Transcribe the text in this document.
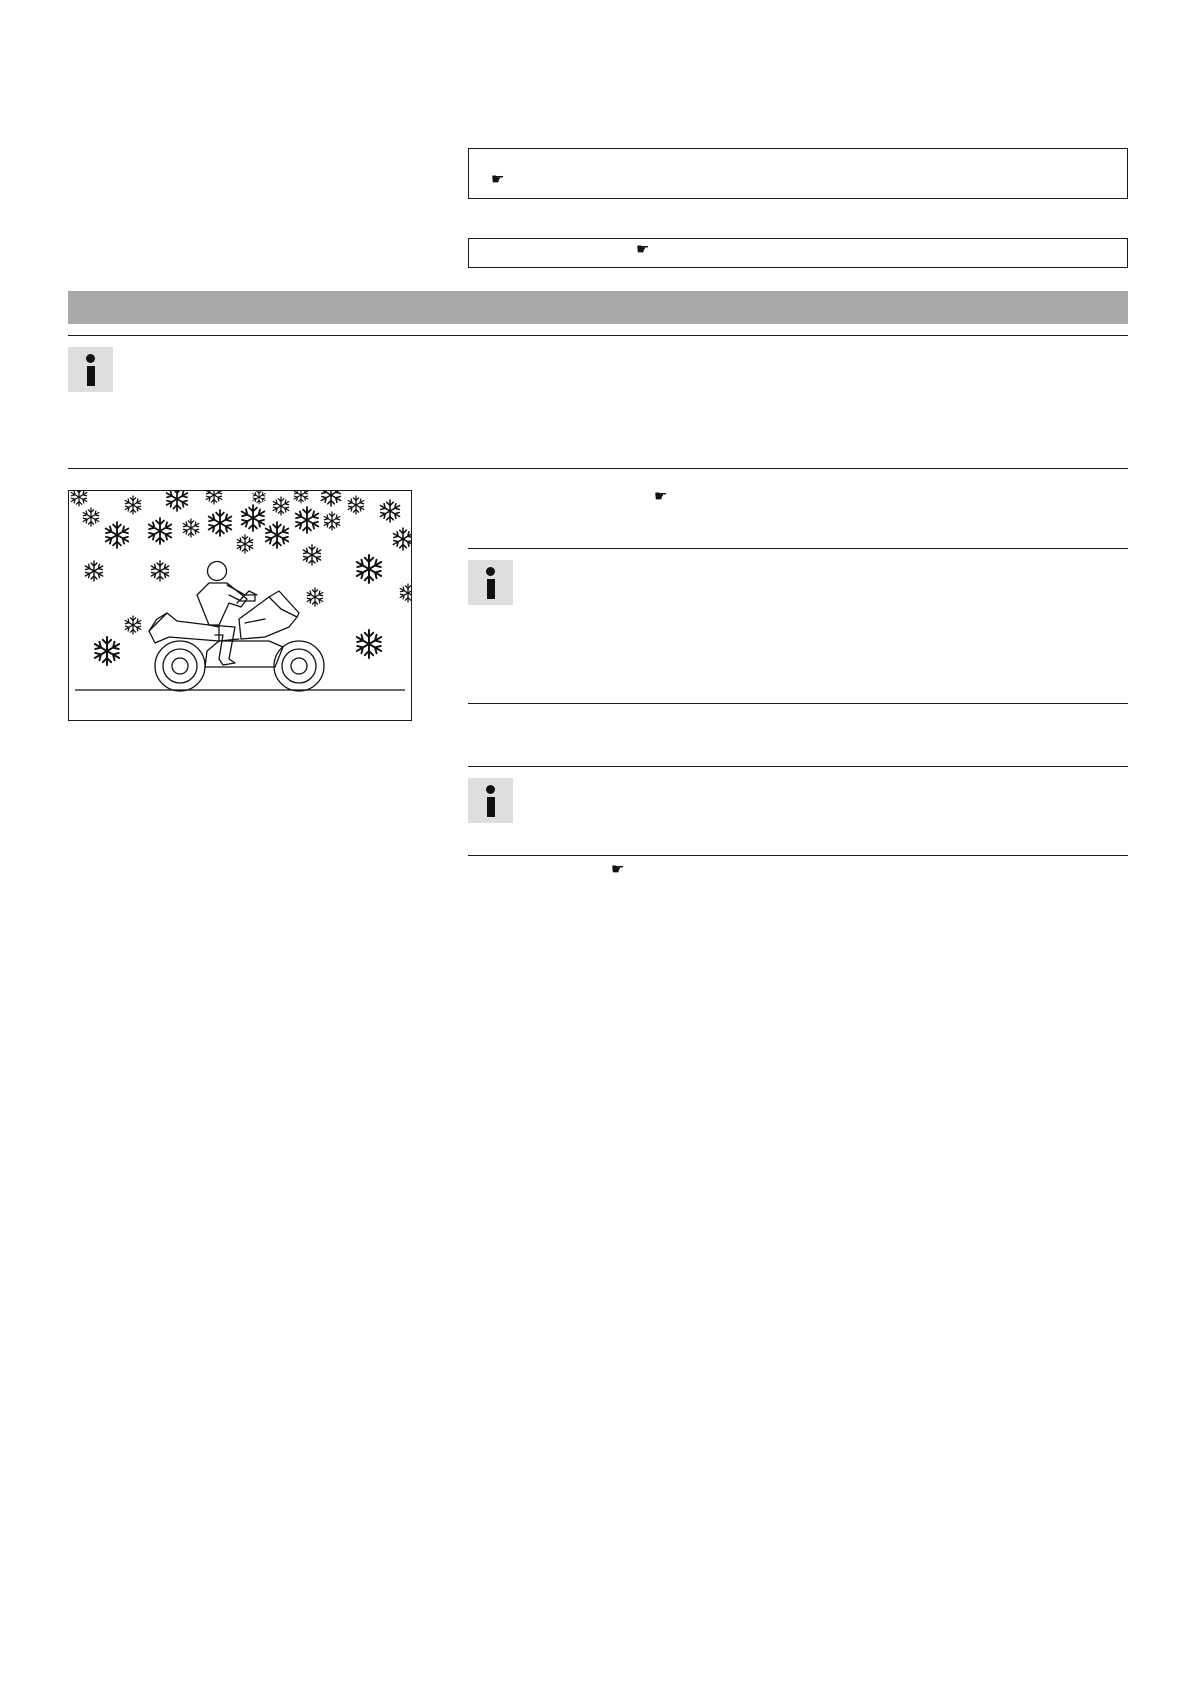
☛
☛
☛
☛
